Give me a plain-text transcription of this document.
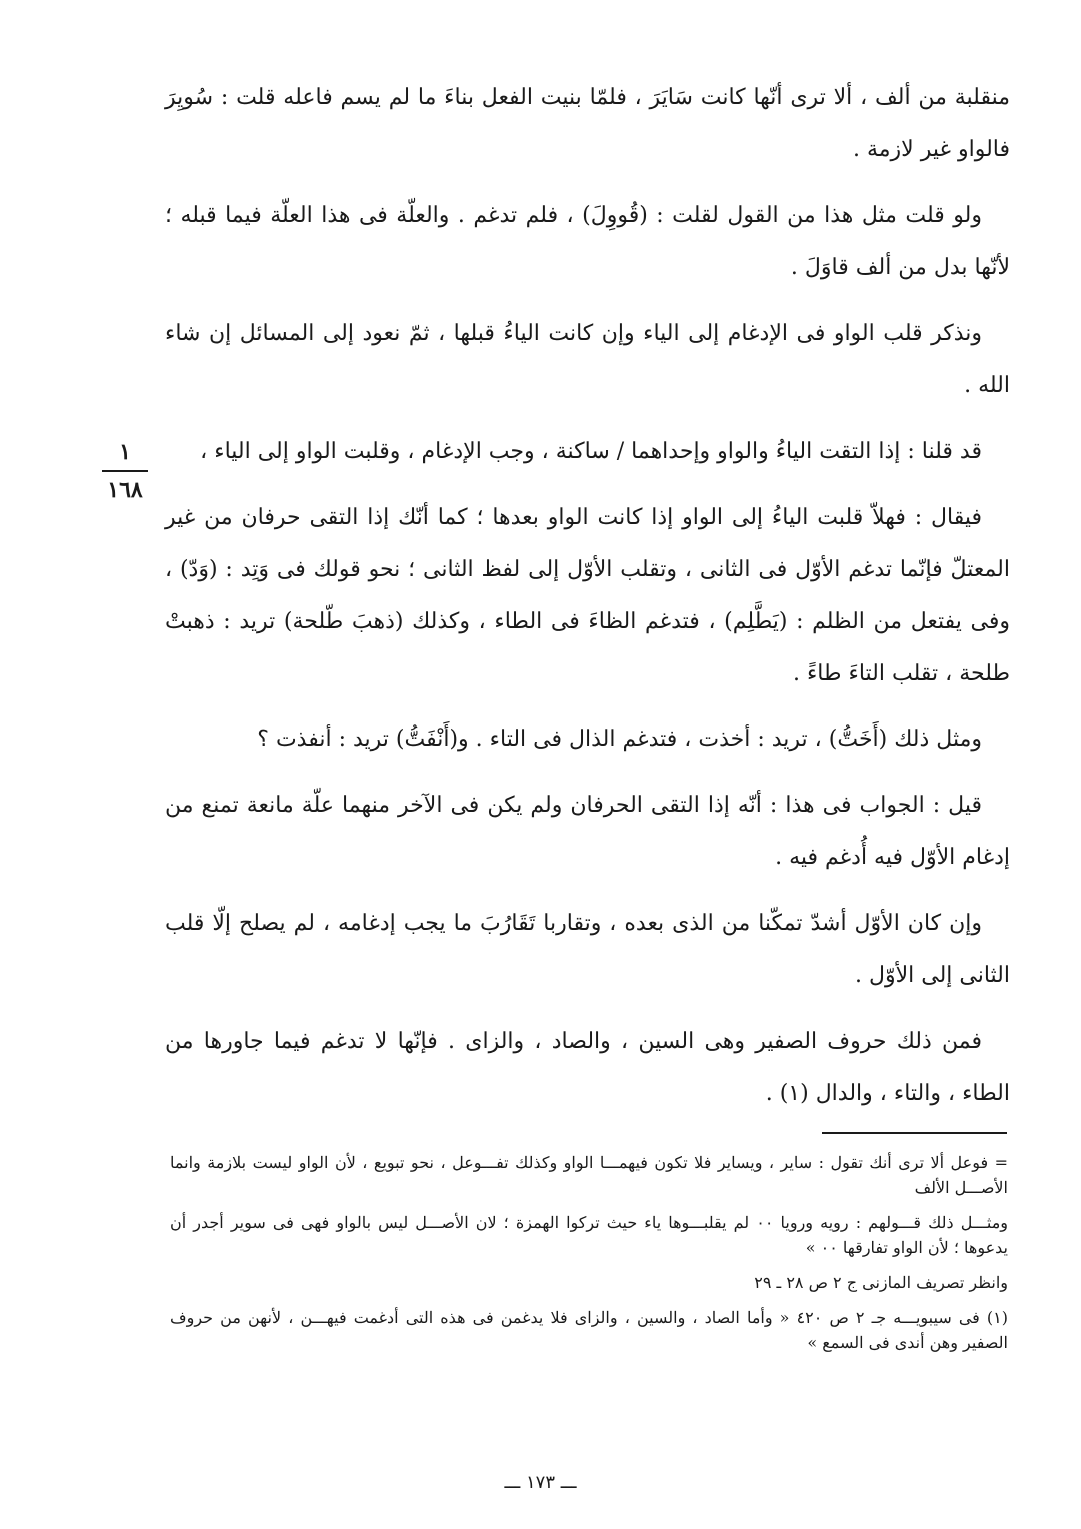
منقلبة من ألف ، ألا ترى أنّها كانت سَايَرَ ، فلمّا بنيت الفعل بناءَ ما لم يسم فاعله قلت : سُويِرَ فالواو غير لازمة .

ولو قلت مثل هذا من القول لقلت : (قُووِلَ) ، فلم تدغم . والعلّة فى هذا العلّة فيما قبله ؛ لأنّها بدل من ألف قاوَلَ .

ونذكر قلب الواو فى الإدغام إلى الياء وإن كانت الياءُ قبلها ، ثمّ نعود إلى المسائل إن شاء الله .

قد قلنا : إذا التقت الياءُ والواو وإحداهما / ساكنة ، وجب الإدغام ، وقلبت الواو إلى الياء ،

فيقال : فهلاّ قلبت الياءُ إلى الواو إذا كانت الواو بعدها ؛ كما أنّك إذا التقى حرفان من غير المعتلّ فإنّما تدغم الأوّل فى الثانى ، وتقلب الأوّل إلى لفظ الثانى ؛ نحو قولك فى وَتِد : (وَدّ) ، وفى يفتعل من الظلم : (يَطَّلِم) ، فتدغم الظاءَ فى الطاء ، وكذلك (ذهبَ طّلحة) تريد : ذهبتْ طلحة ، تقلب التاءَ طاءً .

ومثل ذلك (أَخَتُّ) ، تريد : أخذت ، فتدغم الذال فى التاء . و(أَنْفَتُّ) تريد : أنفذت ؟

قيل : الجواب فى هذا : أنّه إذا التقى الحرفان ولم يكن فى الآخر منهما علّة مانعة تمنع من إدغام الأوّل فيه أُدغم فيه .

وإن كان الأوّل أشدّ تمكّنا من الذى بعده ، وتقاربا تَقَارُبَ ما يجب إدغامه ، لم يصلح إلّا قلب الثانى إلى الأوّل .

فمن ذلك حروف الصفير وهى السين ، والصاد ، والزاى . فإنّها لا تدغم فيما جاورها من الطاء ، والتاء ، والدال (١) .

١
١٦٨

= فوعل ألا ترى أنك تقول : ساير ، ويساير فلا تكون فيهمـــا الواو وكذلك تفـــوعل ، نحو تبويع ، لأن الواو ليست بلازمة وانما الأصـــل الألف

ومثـــل ذلك قـــولهم : رويه ورويا ٠٠ لم يقلبـــوها ياء حيث تركوا الهمزة ؛ لان الأصـــل ليس بالواو فهى فى سوير أجدر أن يدعوها ؛ لأن الواو تفارقها ٠٠ »

وانظر تصريف المازنى ج ٢ ص ٢٨ ـ ٢٩

(١) فى سيبويـــه جـ ٢ ص ٤٢٠ « وأما الصاد ، والسين ، والزاى فلا يدغمن فى هذه التى أدغمت فيهـــن ، لأنهن من حروف الصفير وهن أندى فى السمع »

ـــ ١٧٣ ـــ
